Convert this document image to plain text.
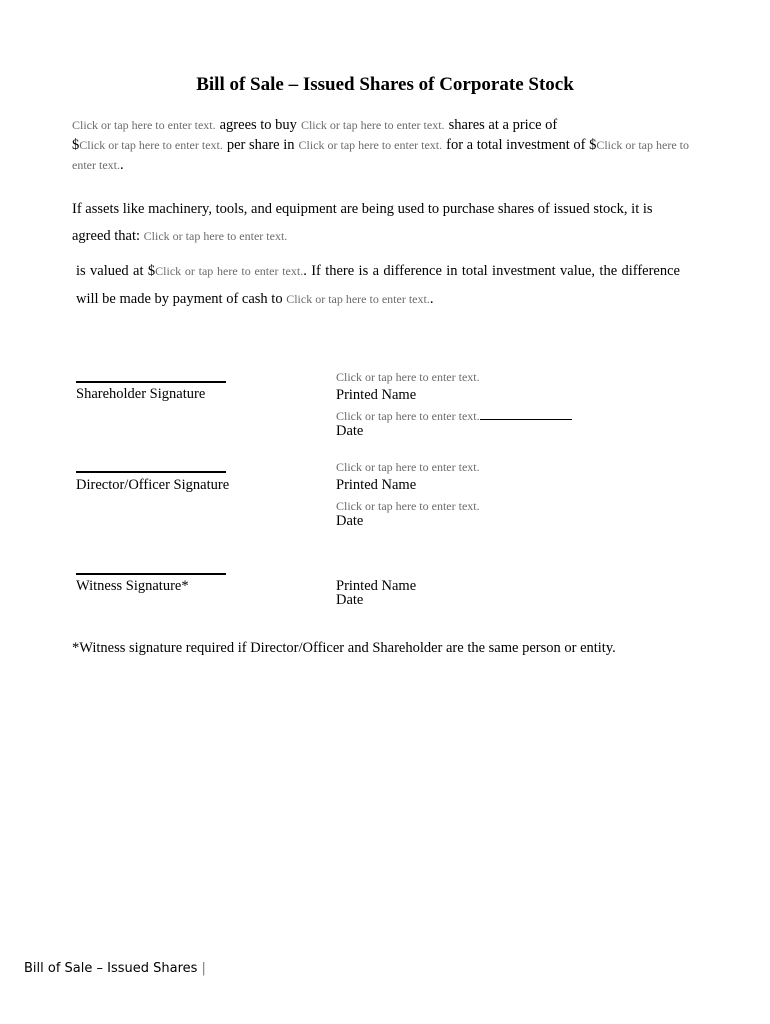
Bill of Sale – Issued Shares of Corporate Stock
Click or tap here to enter text. agrees to buy Click or tap here to enter text. shares at a price of
$Click or tap here to enter text. per share in Click or tap here to enter text. for a total investment of $Click or tap here to enter text..
If assets like machinery, tools, and equipment are being used to purchase shares of issued stock, it is agreed that: Click or tap here to enter text.
is valued at $Click or tap here to enter text.. If there is a difference in total investment value, the difference will be made by payment of cash to Click or tap here to enter text..
Shareholder Signature
Click or tap here to enter text.
Printed Name
Click or tap here to enter text.
Date
Director/Officer Signature
Click or tap here to enter text.
Printed Name
Click or tap here to enter text.
Date
Witness Signature*	Printed Name
Date
*Witness signature required if Director/Officer and Shareholder are the same person or entity.
Bill of Sale – Issued Shares |
